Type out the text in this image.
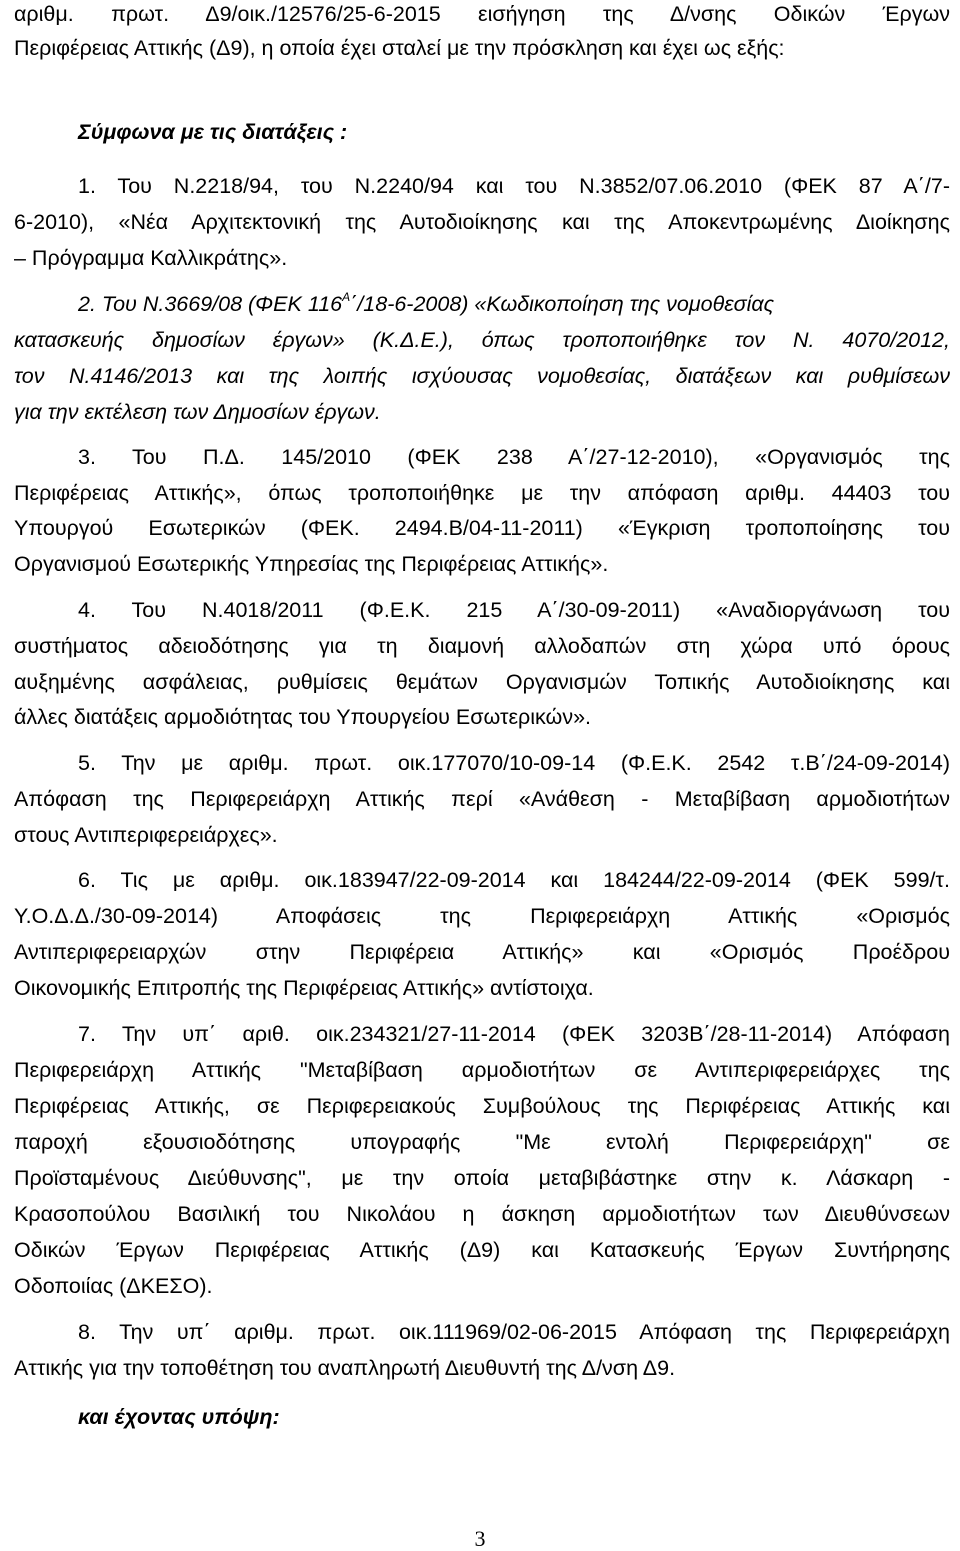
αριθμ. πρωτ. Δ9/οικ./12576/25-6-2015 εισήγηση της Δ/νσης Οδικών Έργων
Περιφέρειας Αττικής (Δ9), η οποία έχει σταλεί με την πρόσκληση και έχει ως εξής:
Σύμφωνα με τις διατάξεις :
1. Του Ν.2218/94, του Ν.2240/94 και του Ν.3852/07.06.2010 (ΦΕΚ 87 Α΄/7-
6-2010), «Νέα Αρχιτεκτονική της Αυτοδιοίκησης και της Αποκεντρωμένης Διοίκησης
– Πρόγραμμα Καλλικράτης».
2. Του Ν.3669/08 (ΦΕΚ $116^A΄/18-6-2008$) «Κωδικοποίηση της νομοθεσίας
κατασκευής δημοσίων έργων» (Κ.Δ.Ε.), όπως τροποποιήθηκε τον Ν. 4070/2012,
τον Ν.4146/2013 και της λοιπής ισχύουσας νομοθεσίας, διατάξεων και ρυθμίσεων
για την εκτέλεση των Δημοσίων έργων.
3. Του Π.Δ. 145/2010 (ΦΕΚ 238 Α΄/27-12-2010), «Οργανισμός της
Περιφέρειας Αττικής», όπως τροποποιήθηκε με την απόφαση αριθμ. 44403 του
Υπουργού Εσωτερικών (ΦΕΚ. 2494.Β/04-11-2011) «Έγκριση τροποποίησης του
Οργανισμού Εσωτερικής Υπηρεσίας της Περιφέρειας Αττικής».
4. Του Ν.4018/2011 (Φ.Ε.Κ. 215 Α΄/30-09-2011) «Αναδιοργάνωση του
συστήματος αδειοδότησης για τη διαμονή αλλοδαπών στη χώρα υπό όρους
αυξημένης ασφάλειας, ρυθμίσεις θεμάτων Οργανισμών Τοπικής Αυτοδιοίκησης και
άλλες διατάξεις αρμοδιότητας του Υπουργείου Εσωτερικών».
5. Την με αριθμ. πρωτ. οικ.177070/10-09-14 (Φ.Ε.Κ. 2542 τ.Β΄/24-09-2014)
Απόφαση της Περιφερειάρχη Αττικής περί «Ανάθεση - Μεταβίβαση αρμοδιοτήτων
στους Αντιπεριφερειάρχες».
6. Τις με αριθμ. οικ.183947/22-09-2014 και 184244/22-09-2014 (ΦΕΚ 599/τ.
Υ.Ο.Δ.Δ./30-09-2014) Αποφάσεις της Περιφερειάρχη Αττικής «Ορισμός
Αντιπεριφερειαρχών στην Περιφέρεια Αττικής» και «Ορισμός Προέδρου
Οικονομικής Επιτροπής της Περιφέρειας Αττικής» αντίστοιχα.
7. Την υπ΄ αριθ. οικ.234321/27-11-2014 (ΦΕΚ 3203Β΄/28-11-2014) Απόφαση
Περιφερειάρχη Αττικής "Μεταβίβαση αρμοδιοτήτων σε Αντιπεριφερειάρχες της
Περιφέρειας Αττικής, σε Περιφερειακούς Συμβούλους της Περιφέρειας Αττικής και
παροχή εξουσιοδότησης υπογραφής "Με εντολή Περιφερειάρχη" σε
Προϊσταμένους Διεύθυνσης", με την οποία μεταβιβάστηκε στην κ. Λάσκαρη -
Κρασοπούλου Βασιλική του Νικολάου η άσκηση αρμοδιοτήτων των Διευθύνσεων
Οδικών Έργων Περιφέρειας Αττικής (Δ9) και Κατασκευής Έργων Συντήρησης
Οδοποιίας (ΔΚΕΣΟ).
8. Την υπ΄ αριθμ. πρωτ. οικ.111969/02-06-2015 Απόφαση της Περιφερειάρχη
Αττικής για την τοποθέτηση του αναπληρωτή Διευθυντή της Δ/νση Δ9.
και έχοντας υπόψη:
3
